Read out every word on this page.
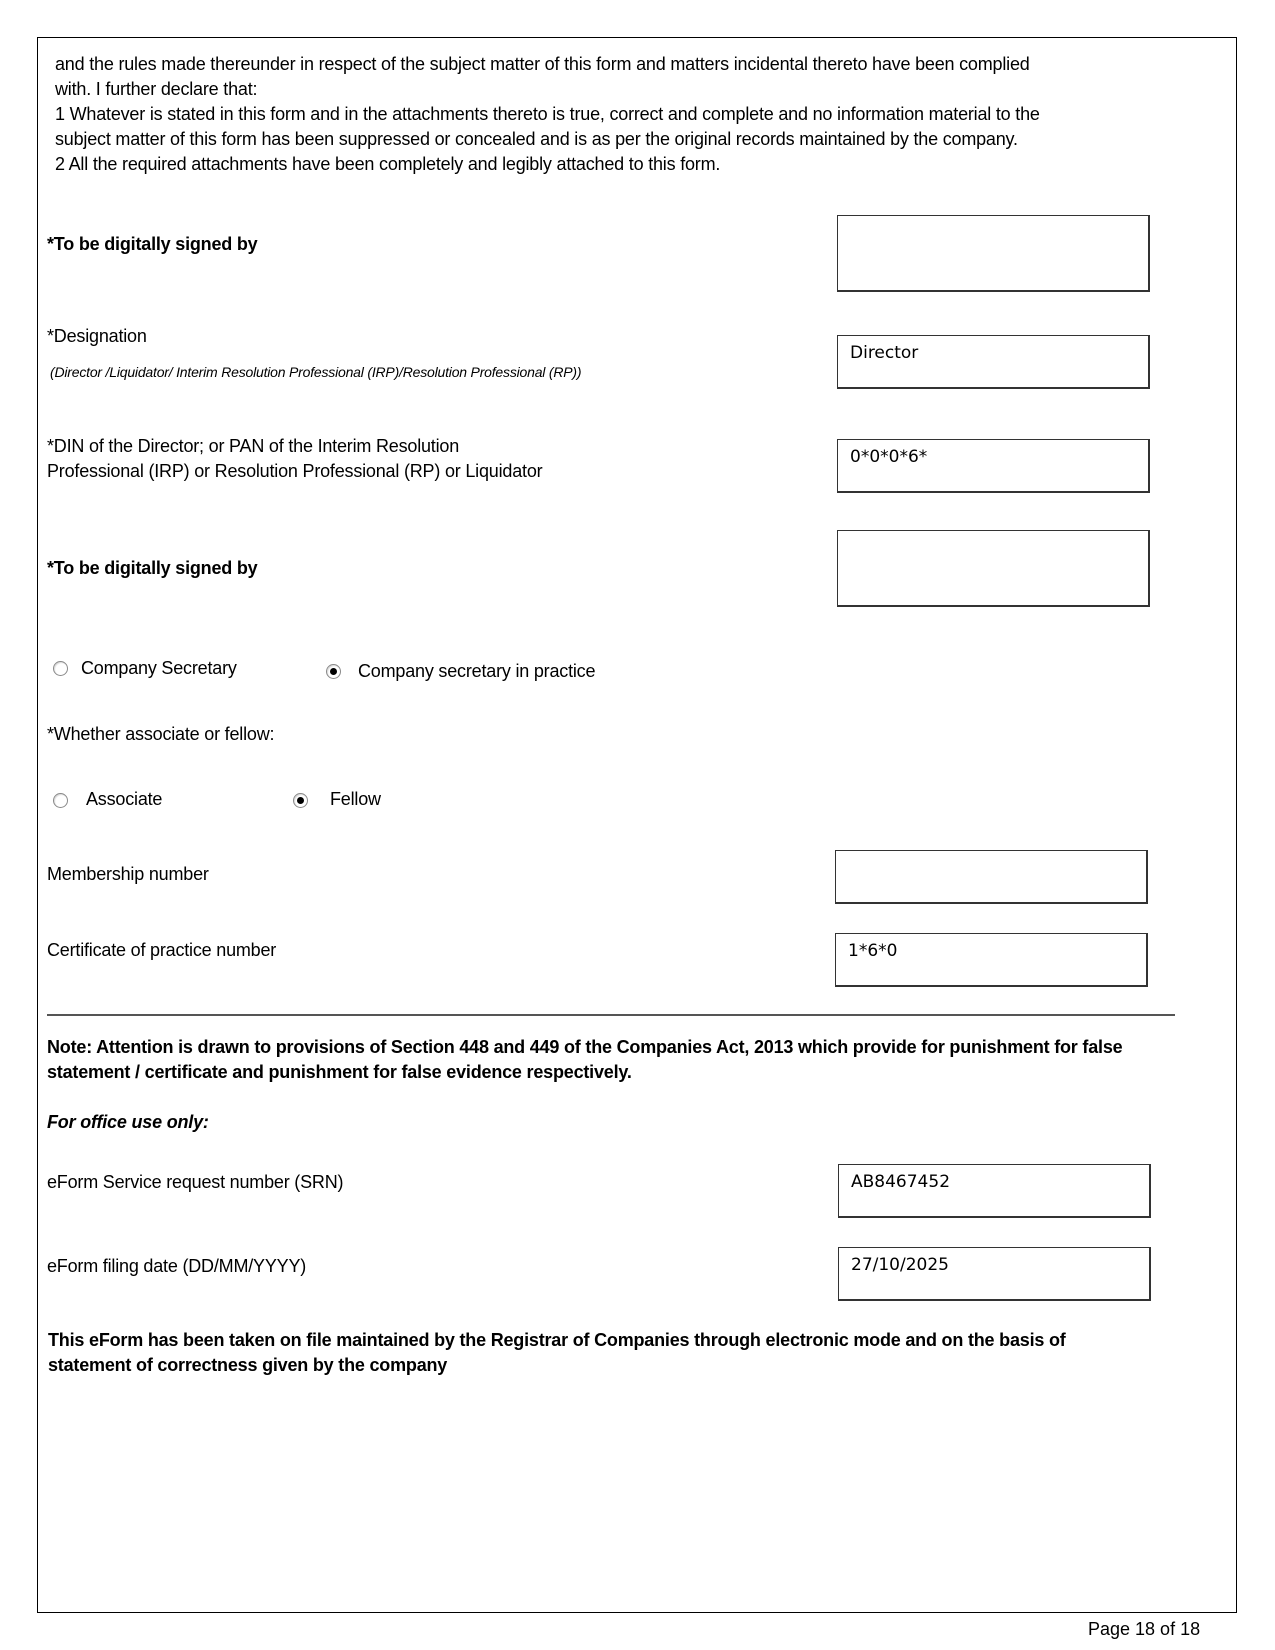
and the rules made thereunder in respect of the subject matter of this form and matters incidental thereto have been complied
with. I further declare that:
1 Whatever is stated in this form and in the attachments thereto is true, correct and complete and no information material to the
subject matter of this form has been suppressed or concealed and is as per the original records maintained by the company.
2 All the required attachments have been completely and legibly attached to this form.
*To be digitally signed by
*Designation
(Director /Liquidator/ Interim Resolution Professional (IRP)/Resolution Professional (RP))
Director
*DIN of the Director; or PAN of the Interim Resolution
Professional (IRP) or Resolution Professional (RP) or Liquidator
0*0*0*6*
*To be digitally signed by
Company Secretary	Company secretary in practice
*Whether associate or fellow:
Associate	Fellow
Membership number
Certificate of practice number	1*6*0
Note: Attention is drawn to provisions of Section 448 and 449 of the Companies Act, 2013 which provide for punishment for false
statement / certificate and punishment for false evidence respectively.
For office use only:
eForm Service request number (SRN)	AB8467452
eForm filing date (DD/MM/YYYY)	27/10/2025
This eForm has been taken on file maintained by the Registrar of Companies through electronic mode and on the basis of
statement of correctness given by the company
Page 18 of 18
